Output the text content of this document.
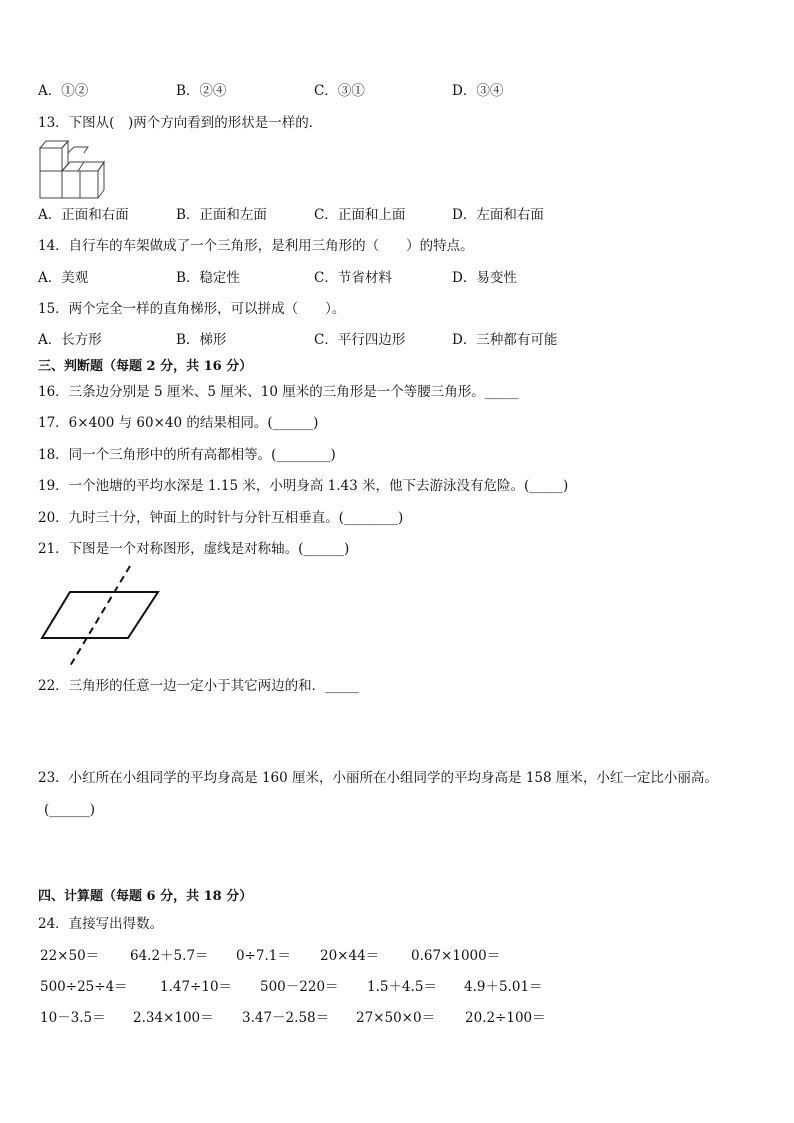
A．①②	B．②④	C．③①	D．③④
13．下图从(　)两个方向看到的形状是一样的．
A．正面和右面	B．正面和左面	C．正面和上面	D．左面和右面
14．自行车的车架做成了一个三角形，是利用三角形的（　　）的特点。
A．美观	B．稳定性	C．节省材料	D．易变性
15．两个完全一样的直角梯形，可以拼成（　　）。
A．长方形	B．梯形	C．平行四边形	D．三种都有可能
三、判断题（每题 2 分，共 16 分）
16．三条边分别是 5 厘米、5 厘米、10 厘米的三角形是一个等腰三角形。_____
17．6×400 与 60×40 的结果相同。(______)
18．同一个三角形中的所有高都相等。(________)
19．一个池塘的平均水深是 1.15 米，小明身高 1.43 米，他下去游泳没有危险。(_____)
20．九时三十分，钟面上的时针与分针互相垂直。(________)
21．下图是一个对称图形，虚线是对称轴。(______)
22．三角形的任意一边一定小于其它两边的和．_____
23．小红所在小组同学的平均身高是 160 厘米，小丽所在小组同学的平均身高是 158 厘米，小红一定比小丽高。
(______)
四、计算题（每题 6 分，共 18 分）
24．直接写出得数。
22×50＝ 64.2＋5.7＝ 0÷7.1＝ 20×44＝ 0.67×1000＝
500÷25÷4＝ 1.47÷10＝ 500－220＝ 1.5＋4.5＝ 4.9＋5.01＝
10－3.5＝ 2.34×100＝ 3.47－2.58＝ 27×50×0＝ 20.2÷100＝
